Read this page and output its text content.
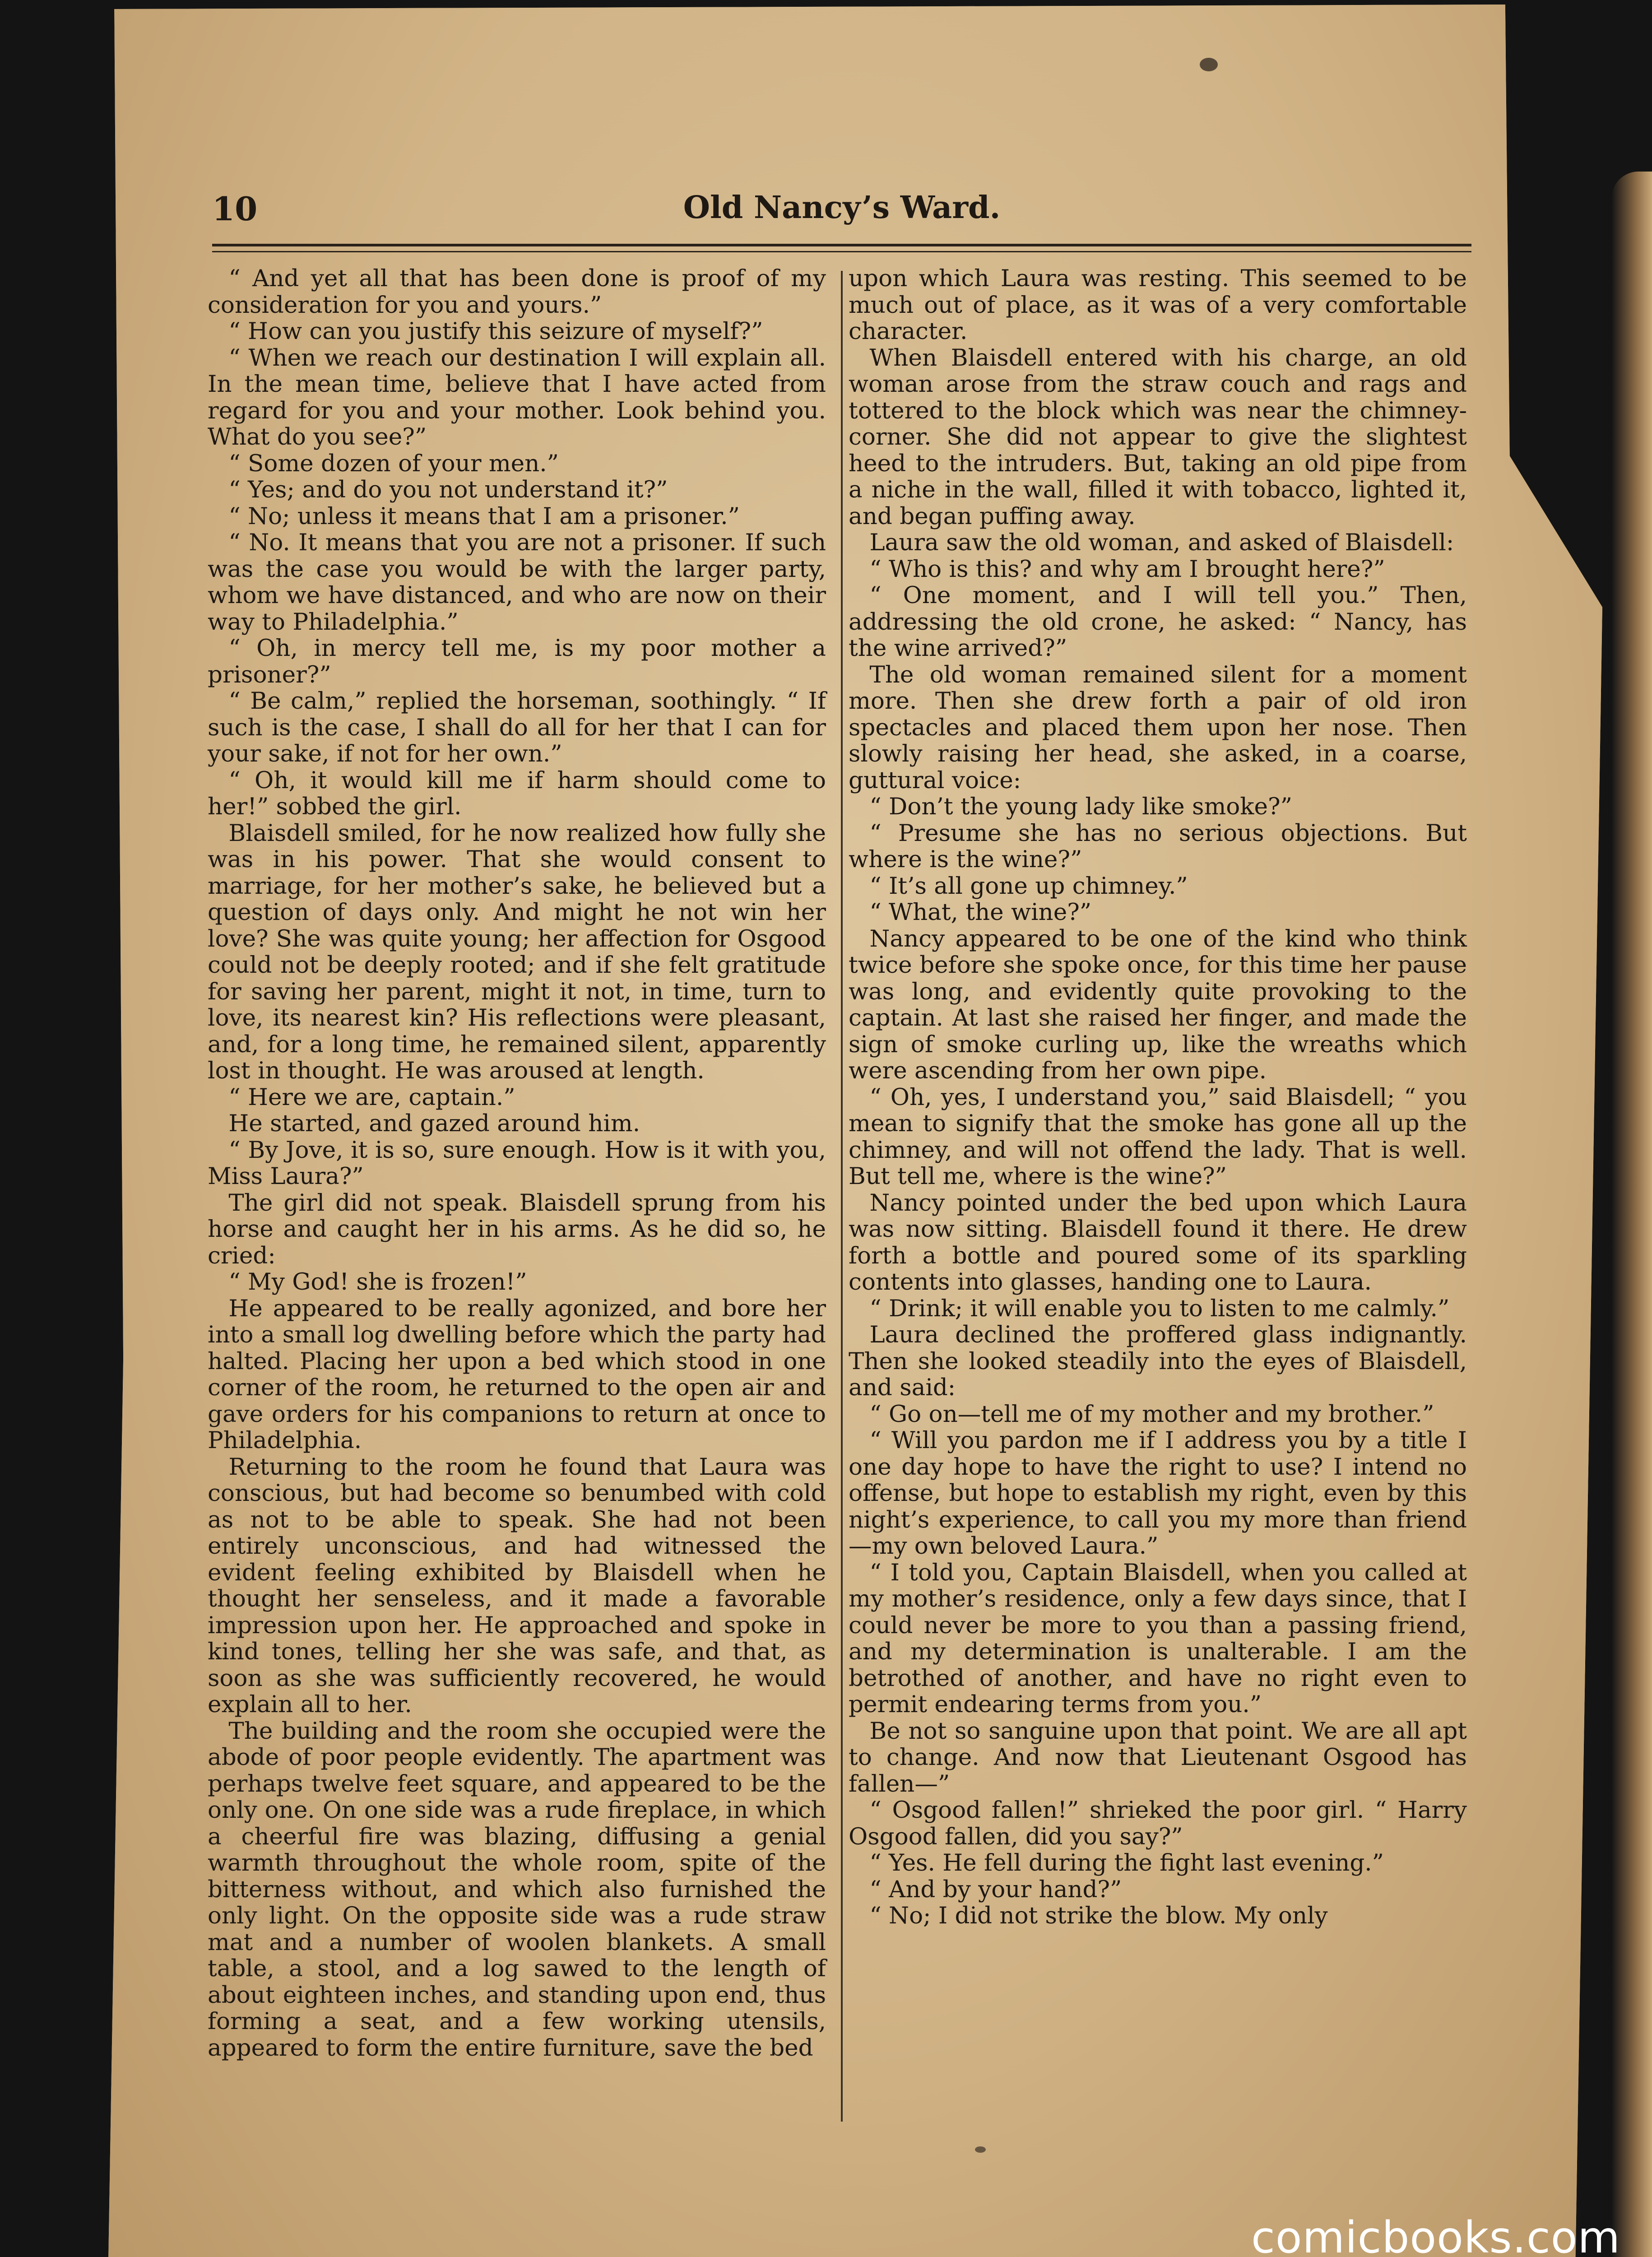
10	Old Nancy’s Ward.

“ And yet all that has been done is proof of my consideration for you and yours.”

“ How can you justify this seizure of myself?”

“ When we reach our destination I will explain all. In the mean time, believe that I have acted from regard for you and your mother. Look behind you. What do you see?”

“ Some dozen of your men.”

“ Yes; and do you not understand it?”

“ No; unless it means that I am a prisoner.”

“ No. It means that you are not a prisoner. If such was the case you would be with the larger party, whom we have distanced, and who are now on their way to Philadelphia.”

“ Oh, in mercy tell me, is my poor mother a prisoner?”

“ Be calm,” replied the horseman, soothingly. “ If such is the case, I shall do all for her that I can for your sake, if not for her own.”

“ Oh, it would kill me if harm should come to her!” sobbed the girl.

Blaisdell smiled, for he now realized how fully she was in his power. That she would consent to marriage, for her mother’s sake, he believed but a question of days only. And might he not win her love? She was quite young; her affection for Osgood could not be deeply rooted; and if she felt gratitude for saving her parent, might it not, in time, turn to love, its nearest kin? His reflections were pleasant, and, for a long time, he remained silent, apparently lost in thought. He was aroused at length.

“ Here we are, captain.”

He started, and gazed around him.

“ By Jove, it is so, sure enough. How is it with you, Miss Laura?”

The girl did not speak. Blaisdell sprung from his horse and caught her in his arms. As he did so, he cried:

“ My God! she is frozen!”

He appeared to be really agonized, and bore her into a small log dwelling before which the party had halted. Placing her upon a bed which stood in one corner of the room, he returned to the open air and gave orders for his companions to return at once to Philadelphia.

Returning to the room he found that Laura was conscious, but had become so benumbed with cold as not to be able to speak. She had not been entirely unconscious, and had witnessed the evident feeling exhibited by Blaisdell when he thought her senseless, and it made a favorable impression upon her. He approached and spoke in kind tones, telling her she was safe, and that, as soon as she was sufficiently recovered, he would explain all to her.

The building and the room she occupied were the abode of poor people evidently. The apartment was perhaps twelve feet square, and appeared to be the only one. On one side was a rude fireplace, in which a cheerful fire was blazing, diffusing a genial warmth throughout the whole room, spite of the bitterness without, and which also furnished the only light. On the opposite side was a rude straw mat and a number of woolen blankets. A small table, a stool, and a log sawed to the length of about eighteen inches, and standing upon end, thus forming a seat, and a few working utensils, appeared to form the entire furniture, save the bed

upon which Laura was resting. This seemed to be much out of place, as it was of a very comfortable character.

When Blaisdell entered with his charge, an old woman arose from the straw couch and rags and tottered to the block which was near the chimney-corner. She did not appear to give the slightest heed to the intruders. But, taking an old pipe from a niche in the wall, filled it with tobacco, lighted it, and began puffing away.

Laura saw the old woman, and asked of Blaisdell:

“ Who is this? and why am I brought here?”

“ One moment, and I will tell you.” Then, addressing the old crone, he asked: “ Nancy, has the wine arrived?”

The old woman remained silent for a moment more. Then she drew forth a pair of old iron spectacles and placed them upon her nose. Then slowly raising her head, she asked, in a coarse, guttural voice:

“ Don’t the young lady like smoke?”

“ Presume she has no serious objections. But where is the wine?”

“ It’s all gone up chimney.”

“ What, the wine?”

Nancy appeared to be one of the kind who think twice before she spoke once, for this time her pause was long, and evidently quite provoking to the captain. At last she raised her finger, and made the sign of smoke curling up, like the wreaths which were ascending from her own pipe.

“ Oh, yes, I understand you,” said Blaisdell; “ you mean to signify that the smoke has gone all up the chimney, and will not offend the lady. That is well. But tell me, where is the wine?”

Nancy pointed under the bed upon which Laura was now sitting. Blaisdell found it there. He drew forth a bottle and poured some of its sparkling contents into glasses, handing one to Laura.

“ Drink; it will enable you to listen to me calmly.”

Laura declined the proffered glass indignantly. Then she looked steadily into the eyes of Blaisdell, and said:

“ Go on—tell me of my mother and my brother.”

“ Will you pardon me if I address you by a title I one day hope to have the right to use? I intend no offense, but hope to establish my right, even by this night’s experience, to call you my more than friend—my own beloved Laura.”

“ I told you, Captain Blaisdell, when you called at my mother’s residence, only a few days since, that I could never be more to you than a passing friend, and my determination is unalterable. I am the betrothed of another, and have no right even to permit endearing terms from you.”

Be not so sanguine upon that point. We are all apt to change. And now that Lieutenant Osgood has fallen—”

“ Osgood fallen!” shrieked the poor girl. “ Harry Osgood fallen, did you say?”

“ Yes. He fell during the fight last evening.”

“ And by your hand?”

“ No; I did not strike the blow. My only

comicbooks.com
